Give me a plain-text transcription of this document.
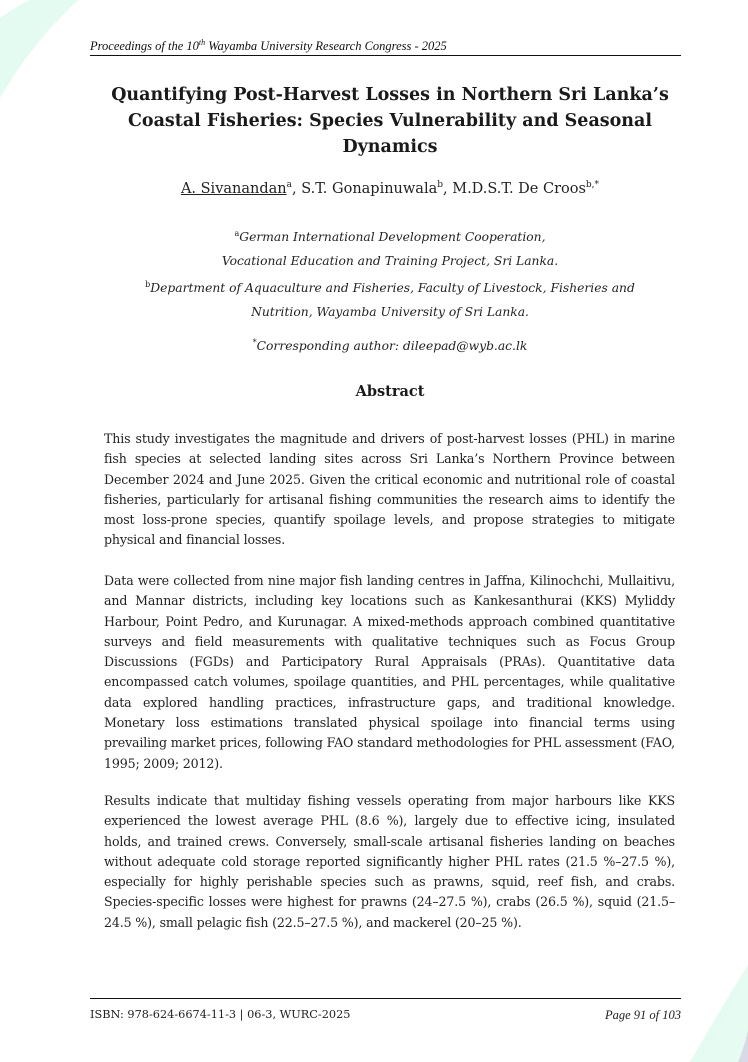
Proceedings of the 10th Wayamba University Research Congress - 2025
Quantifying Post-Harvest Losses in Northern Sri Lanka’s
Coastal Fisheries: Species Vulnerability and Seasonal
Dynamics
A. Sivanandan$^a$, S.T. Gonapinuwala$^b$, M.D.S.T. De Croos$^{b,*}$
$^a$German International Development Cooperation,
Vocational Education and Training Project, Sri Lanka.
$^b$Department of Aquaculture and Fisheries, Faculty of Livestock, Fisheries and
Nutrition, Wayamba University of Sri Lanka.
*Corresponding author: dileepad@wyb.ac.lk
Abstract

This study investigates the magnitude and drivers of post-harvest losses (PHL) in marine fish species at selected landing sites across Sri Lanka’s Northern Province between December 2024 and June 2025. Given the critical economic and nutritional role of coastal fisheries, particularly for artisanal fishing communities the research aims to identify the most loss-prone species, quantify spoilage levels, and propose strategies to mitigate physical and financial losses.

Data were collected from nine major fish landing centres in Jaffna, Kilinochchi, Mullaitivu, and Mannar districts, including key locations such as Kankesanthurai (KKS) Myliddy Harbour, Point Pedro, and Kurunagar. A mixed-methods approach combined quantitative surveys and field measurements with qualitative techniques such as Focus Group Discussions (FGDs) and Participatory Rural Appraisals (PRAs). Quantitative data encompassed catch volumes, spoilage quantities, and PHL percentages, while qualitative data explored handling practices, infrastructure gaps, and traditional knowledge. Monetary loss estimations translated physical spoilage into financial terms using prevailing market prices, following FAO standard methodologies for PHL assessment (FAO, 1995; 2009; 2012).

Results indicate that multiday fishing vessels operating from major harbours like KKS experienced the lowest average PHL (8.6 %), largely due to effective icing, insulated holds, and trained crews. Conversely, small-scale artisanal fisheries landing on beaches without adequate cold storage reported significantly higher PHL rates (21.5 %–27.5 %), especially for highly perishable species such as prawns, squid, reef fish, and crabs. Species-specific losses were highest for prawns (24–27.5 %), crabs (26.5 %), squid (21.5–24.5 %), small pelagic fish (22.5–27.5 %), and mackerel (20–25 %).

ISBN: 978-624-6674-11-3 | 06-3, WURC-2025	Page 91 of 103
